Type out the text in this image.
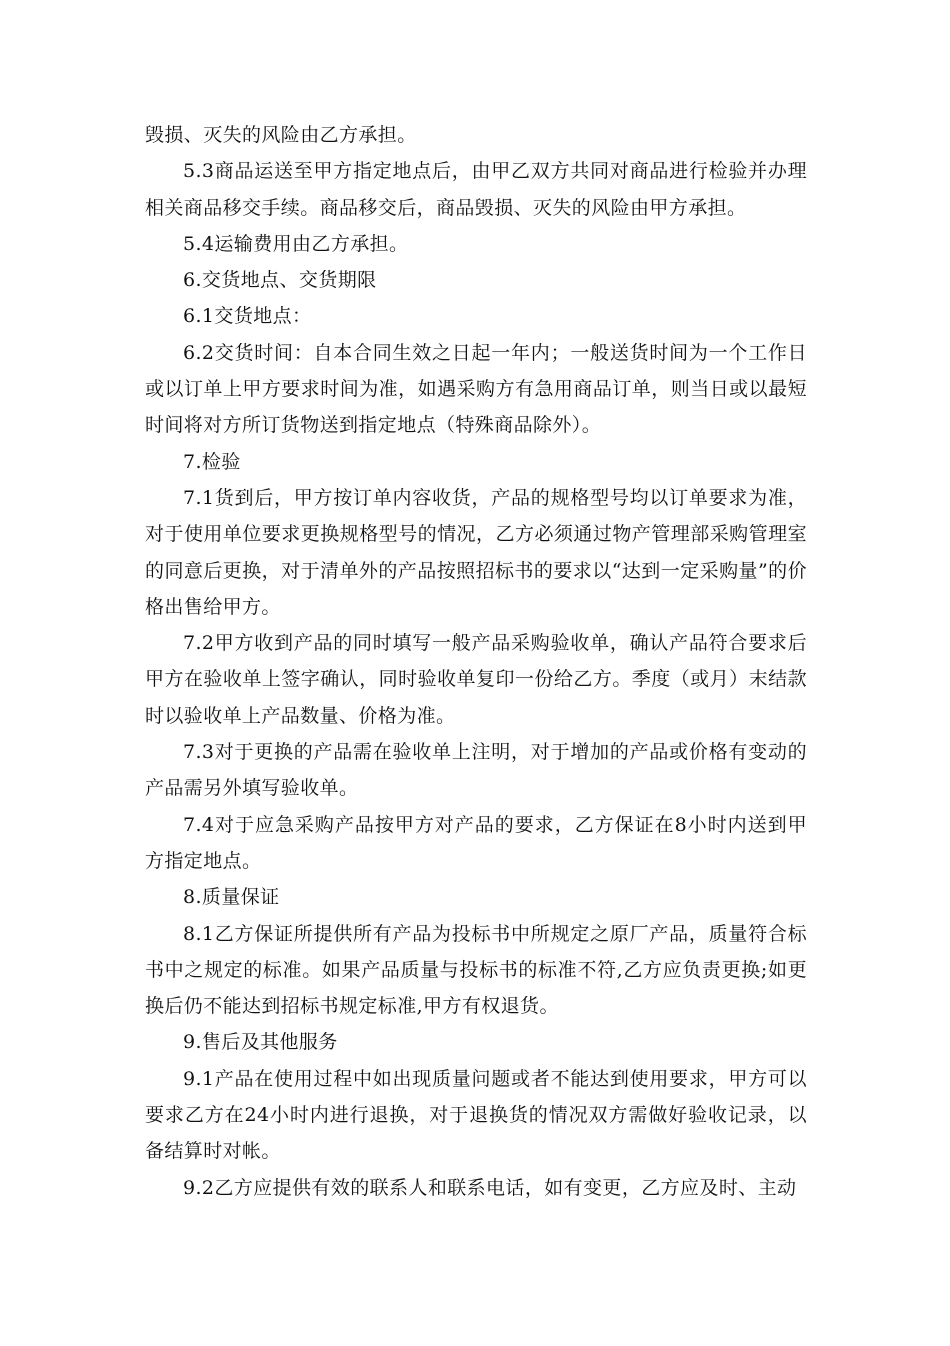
毁损、灭失的风险由乙方承担。

5.3商品运送至甲方指定地点后，由甲乙双方共同对商品进行检验并办理相关商品移交手续。商品移交后，商品毁损、灭失的风险由甲方承担。

5.4运输费用由乙方承担。

6.交货地点、交货期限

6.1交货地点：

6.2交货时间：自本合同生效之日起一年内；一般送货时间为一个工作日或以订单上甲方要求时间为准，如遇采购方有急用商品订单，则当日或以最短时间将对方所订货物送到指定地点（特殊商品除外）。

7.检验

7.1货到后，甲方按订单内容收货，产品的规格型号均以订单要求为准，对于使用单位要求更换规格型号的情况，乙方必须通过物产管理部采购管理室的同意后更换，对于清单外的产品按照招标书的要求以“达到一定采购量”的价格出售给甲方。

7.2甲方收到产品的同时填写一般产品采购验收单，确认产品符合要求后甲方在验收单上签字确认，同时验收单复印一份给乙方。季度（或月）末结款时以验收单上产品数量、价格为准。

7.3对于更换的产品需在验收单上注明，对于增加的产品或价格有变动的产品需另外填写验收单。

7.4对于应急采购产品按甲方对产品的要求，乙方保证在8小时内送到甲方指定地点。

8.质量保证

8.1乙方保证所提供所有产品为投标书中所规定之原厂产品，质量符合标书中之规定的标准。如果产品质量与投标书的标准不符,乙方应负责更换;如更换后仍不能达到招标书规定标准,甲方有权退货。

9.售后及其他服务

9.1产品在使用过程中如出现质量问题或者不能达到使用要求，甲方可以要求乙方在24小时内进行退换，对于退换货的情况双方需做好验收记录，以备结算时对帐。

9.2乙方应提供有效的联系人和联系电话，如有变更，乙方应及时、主动
